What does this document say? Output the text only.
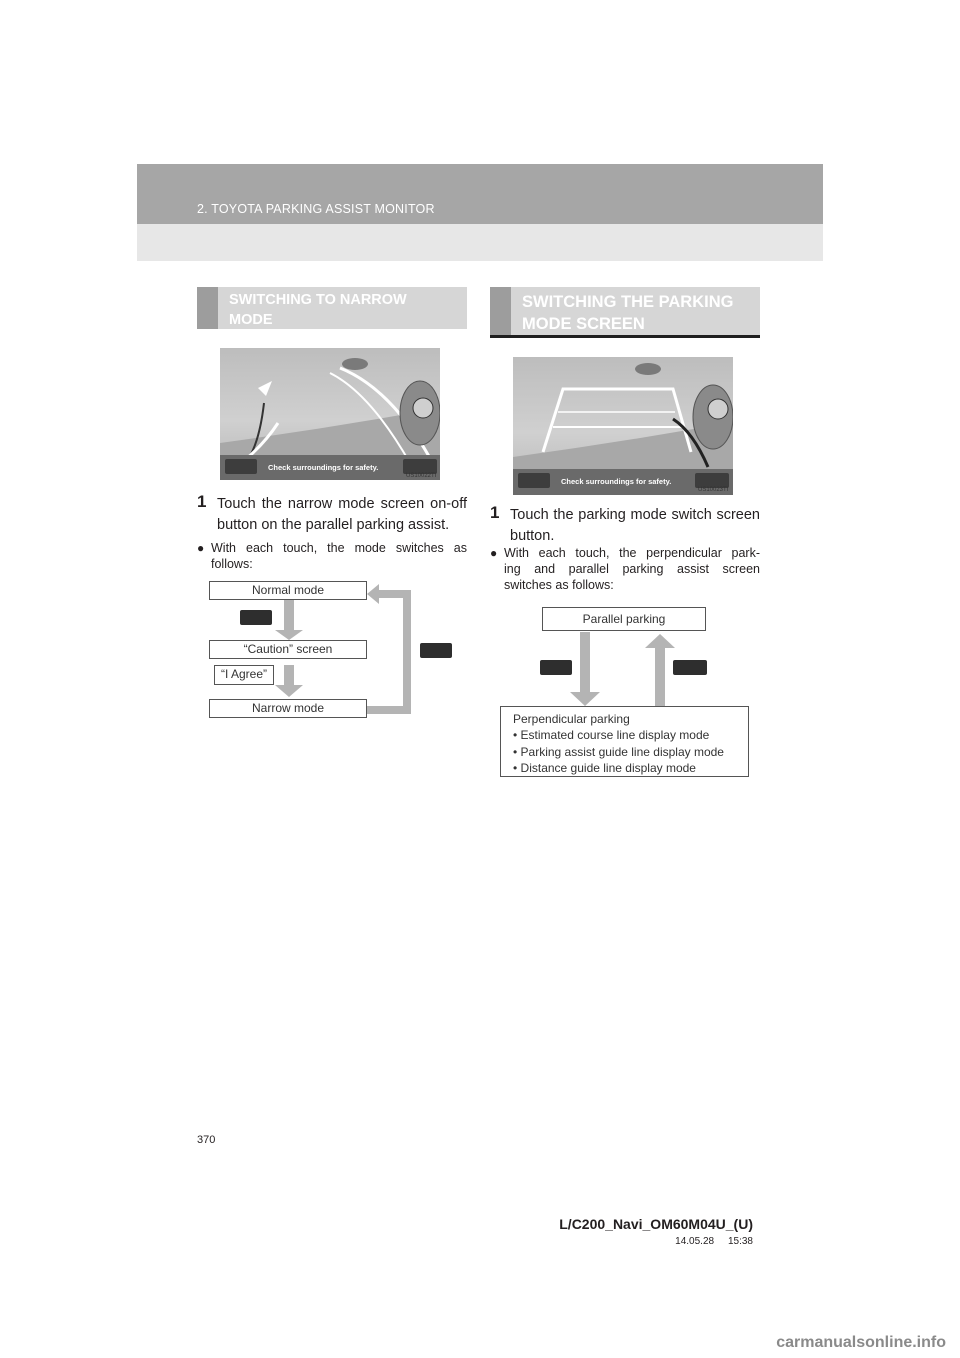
2. TOYOTA PARKING ASSIST MONITOR
SWITCHING TO NARROW
MODE
Check surroundings for safety.
US10022TI
1 Touch the narrow mode screen on-off
button on the parallel parking assist.
● With each touch, the mode switches as
follows:
Normal mode
“Caution” screen
“I Agree”
Narrow mode
SWITCHING THE PARKING
MODE SCREEN
Check surroundings for safety.
US10023TI
1 Touch the parking mode switch screen
button.
● With each touch, the perpendicular park-
ing and parallel parking assist screen
switches as follows:
Parallel parking
Perpendicular parking
• Estimated course line display mode
• Parking assist guide line display mode
• Distance guide line display mode
370
L/C200_Navi_OM60M04U_(U)
14.05.28     15:38
carmanualsonline.info
